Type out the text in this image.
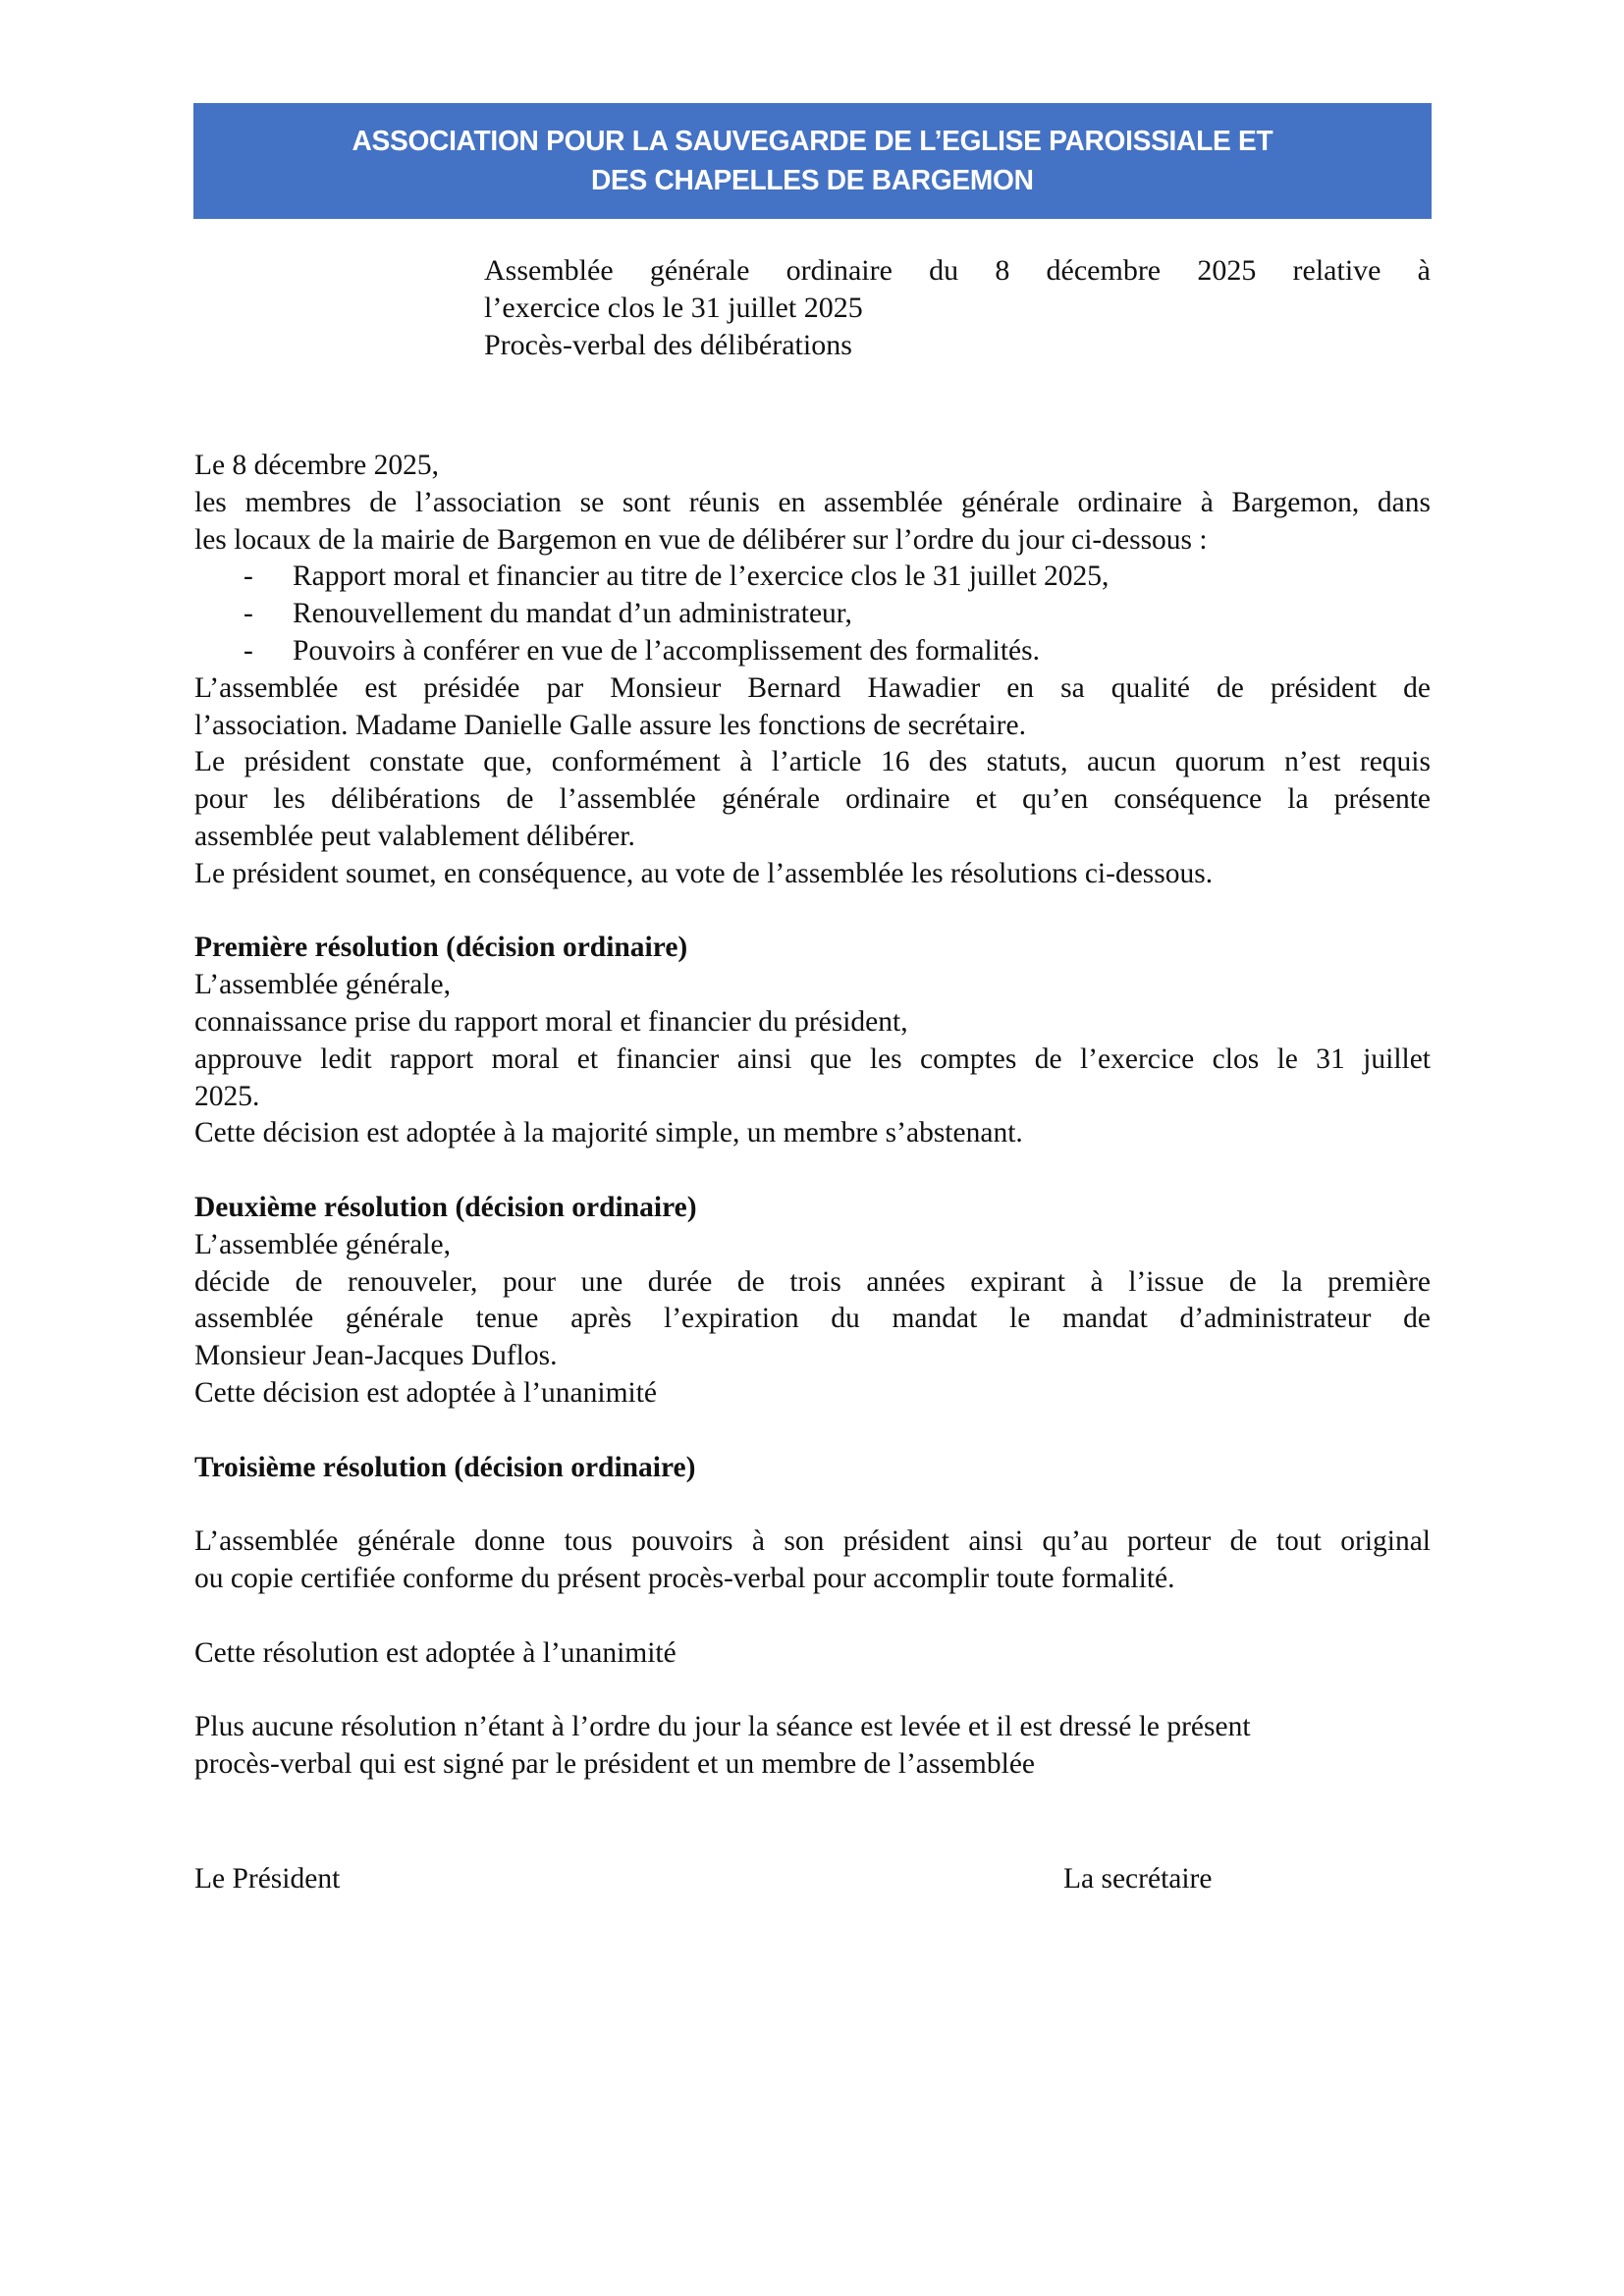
ASSOCIATION POUR LA SAUVEGARDE DE L’EGLISE PAROISSIALE ET
DES CHAPELLES DE BARGEMON
Assemblée générale ordinaire du 8 décembre 2025 relative à
l’exercice clos le 31 juillet 2025
Procès-verbal des délibérations
Le 8 décembre 2025,
les membres de l’association se sont réunis en assemblée générale ordinaire à Bargemon, dans
les locaux de la mairie de Bargemon en vue de délibérer sur l’ordre du jour ci-dessous :
- Rapport moral et financier au titre de l’exercice clos le 31 juillet 2025,
- Renouvellement du mandat d’un administrateur,
- Pouvoirs à conférer en vue de l’accomplissement des formalités.
L’assemblée est présidée par Monsieur Bernard Hawadier en sa qualité de président de
l’association. Madame Danielle Galle assure les fonctions de secrétaire.
Le président constate que, conformément à l’article 16 des statuts, aucun quorum n’est requis
pour les délibérations de l’assemblée générale ordinaire et qu’en conséquence la présente
assemblée peut valablement délibérer.
Le président soumet, en conséquence, au vote de l’assemblée les résolutions ci-dessous.
Première résolution (décision ordinaire)
L’assemblée générale,
connaissance prise du rapport moral et financier du président,
approuve ledit rapport moral et financier ainsi que les comptes de l’exercice clos le 31 juillet
2025.
Cette décision est adoptée à la majorité simple, un membre s’abstenant.
Deuxième résolution (décision ordinaire)
L’assemblée générale,
décide de renouveler, pour une durée de trois années expirant à l’issue de la première
assemblée générale tenue après l’expiration du mandat le mandat d’administrateur de
Monsieur Jean-Jacques Duflos.
Cette décision est adoptée à l’unanimité
Troisième résolution (décision ordinaire)
L’assemblée générale donne tous pouvoirs à son président ainsi qu’au porteur de tout original
ou copie certifiée conforme du présent procès-verbal pour accomplir toute formalité.
Cette résolution est adoptée à l’unanimité
Plus aucune résolution n’étant à l’ordre du jour la séance est levée et il est dressé le présent
procès-verbal qui est signé par le président et un membre de l’assemblée
Le Président	La secrétaire
